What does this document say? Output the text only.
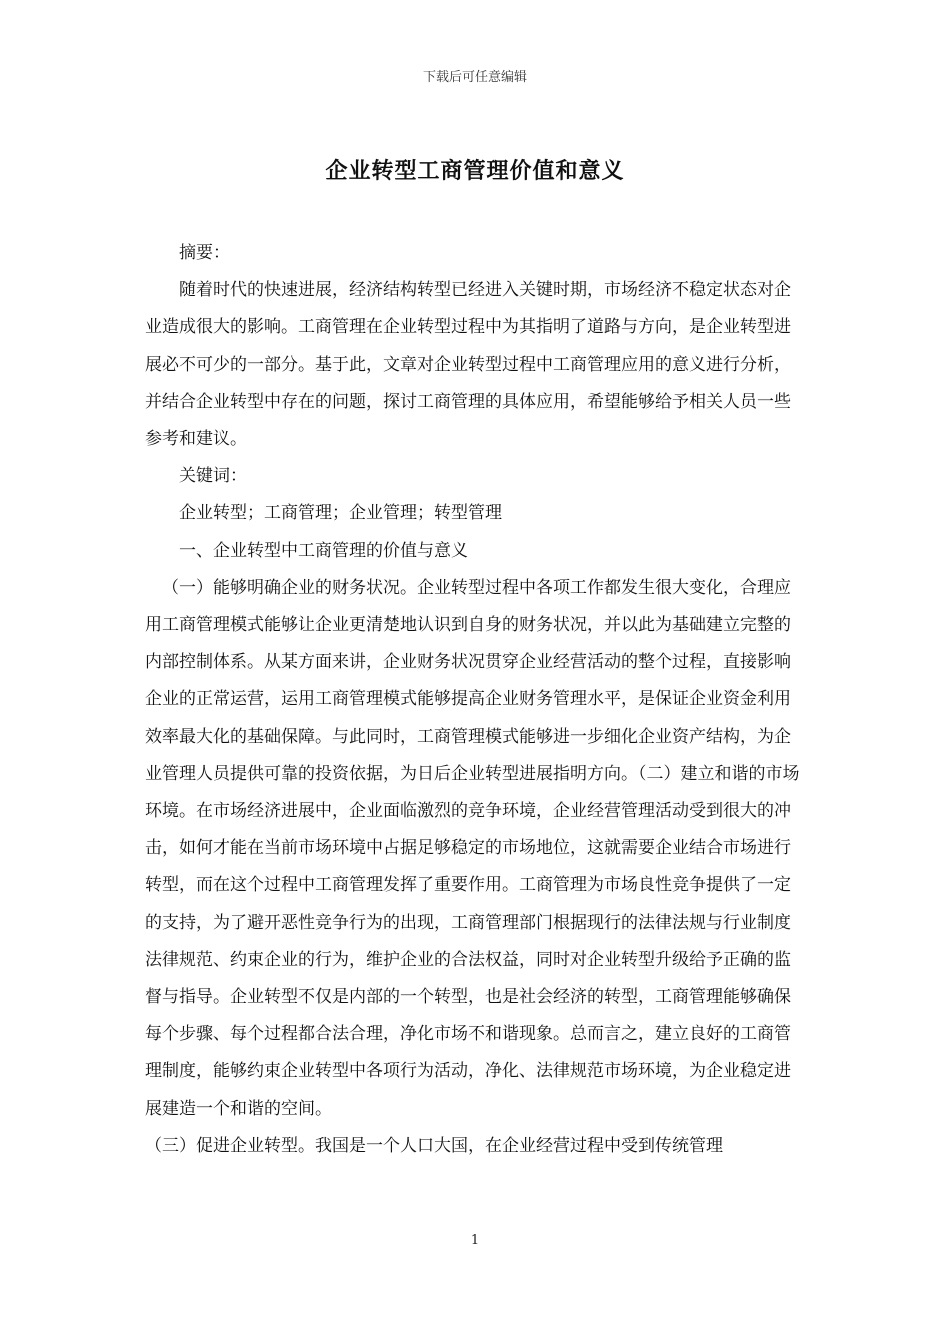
下载后可任意编辑
企业转型工商管理价值和意义

摘要：

随着时代的快速进展，经济结构转型已经进入关键时期，市场经济不稳定状态对企业造成很大的影响。工商管理在企业转型过程中为其指明了道路与方向，是企业转型进展必不可少的一部分。基于此，文章对企业转型过程中工商管理应用的意义进行分析，并结合企业转型中存在的问题，探讨工商管理的具体应用，希望能够给予相关人员一些参考和建议。

关键词：

企业转型；工商管理；企业管理；转型管理

一、企业转型中工商管理的价值与意义

（一）能够明确企业的财务状况。企业转型过程中各项工作都发生很大变化，合理应用工商管理模式能够让企业更清楚地认识到自身的财务状况，并以此为基础建立完整的内部控制体系。从某方面来讲，企业财务状况贯穿企业经营活动的整个过程，直接影响企业的正常运营，运用工商管理模式能够提高企业财务管理水平，是保证企业资金利用效率最大化的基础保障。与此同时，工商管理模式能够进一步细化企业资产结构，为企业管理人员提供可靠的投资依据，为日后企业转型进展指明方向。（二）建立和谐的市场环境。在市场经济进展中，企业面临激烈的竞争环境，企业经营管理活动受到很大的冲击，如何才能在当前市场环境中占据足够稳定的市场地位，这就需要企业结合市场进行转型，而在这个过程中工商管理发挥了重要作用。工商管理为市场良性竞争提供了一定的支持，为了避开恶性竞争行为的出现，工商管理部门根据现行的法律法规与行业制度法律规范、约束企业的行为，维护企业的合法权益，同时对企业转型升级给予正确的监督与指导。企业转型不仅是内部的一个转型，也是社会经济的转型，工商管理能够确保每个步骤、每个过程都合法合理，净化市场不和谐现象。总而言之，建立良好的工商管理制度，能够约束企业转型中各项行为活动，净化、法律规范市场环境，为企业稳定进展建造一个和谐的空间。

（三）促进企业转型。我国是一个人口大国，在企业经营过程中受到传统管理

1
